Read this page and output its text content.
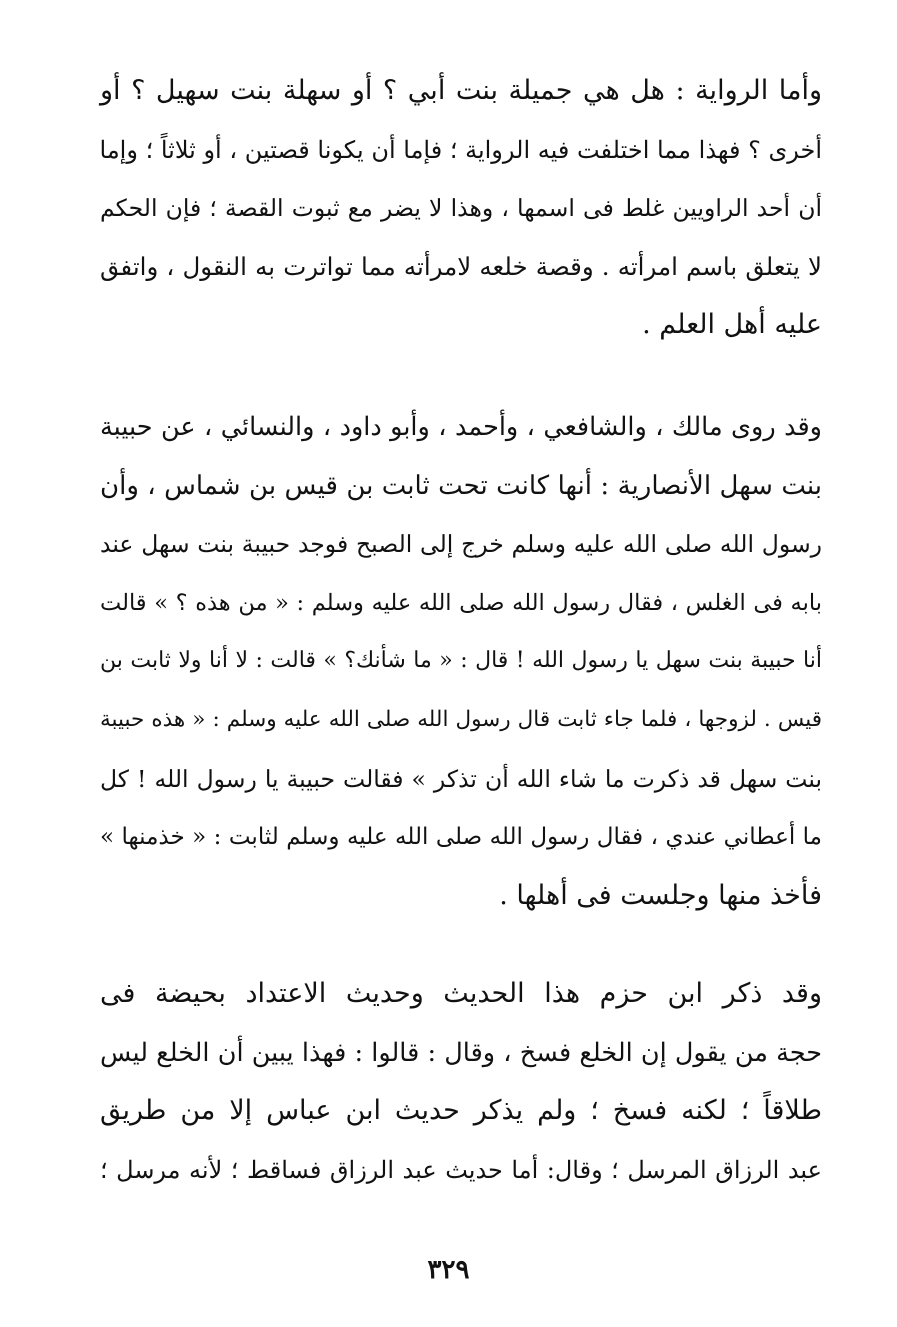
وأما الرواية : هل هي جميلة بنت أبي ؟ أو سهلة بنت سهيل ؟ أو
أخرى ؟ فهذا مما اختلفت فيه الرواية ؛ فإما أن يكونا قصتين ، أو ثلاثاً ؛ وإما
أن أحد الراويين غلط فى اسمها ، وهذا لا يضر مع ثبوت القصة ؛ فإن الحكم
لا يتعلق باسم امرأته . وقصة خلعه لامرأته مما تواترت به النقول ، واتفق
عليه أهل العلم .
وقد روى مالك ، والشافعي ، وأحمد ، وأبو داود ، والنسائي ، عن حبيبة
بنت سهل الأنصارية : أنها كانت تحت ثابت بن قيس بن شماس ، وأن
رسول الله صلى الله عليه وسلم خرج إلى الصبح فوجد حبيبة بنت سهل عند
بابه فى الغلس ، فقال رسول الله صلى الله عليه وسلم : « من هذه ؟ » قالت
أنا حبيبة بنت سهل يا رسول الله ! قال : « ما شأنك؟ » قالت : لا أنا ولا ثابت بن
قيس . لزوجها ، فلما جاء ثابت قال رسول الله صلى الله عليه وسلم : « هذه حبيبة
بنت سهل قد ذكرت ما شاء الله أن تذكر » فقالت حبيبة يا رسول الله ! كل
ما أعطاني عندي ، فقال رسول الله صلى الله عليه وسلم لثابت : « خذمنها »
فأخذ منها وجلست فى أهلها .
وقد ذكر ابن حزم هذا الحديث وحديث الاعتداد بحيضة فى
حجة من يقول إن الخلع فسخ ، وقال : قالوا : فهذا يبين أن الخلع ليس
طلاقاً ؛ لكنه فسخ ؛ ولم يذكر حديث ابن عباس إلا من طريق
عبد الرزاق المرسل ؛ وقال: أما حديث عبد الرزاق فساقط ؛ لأنه مرسل ؛
٣٢٩
